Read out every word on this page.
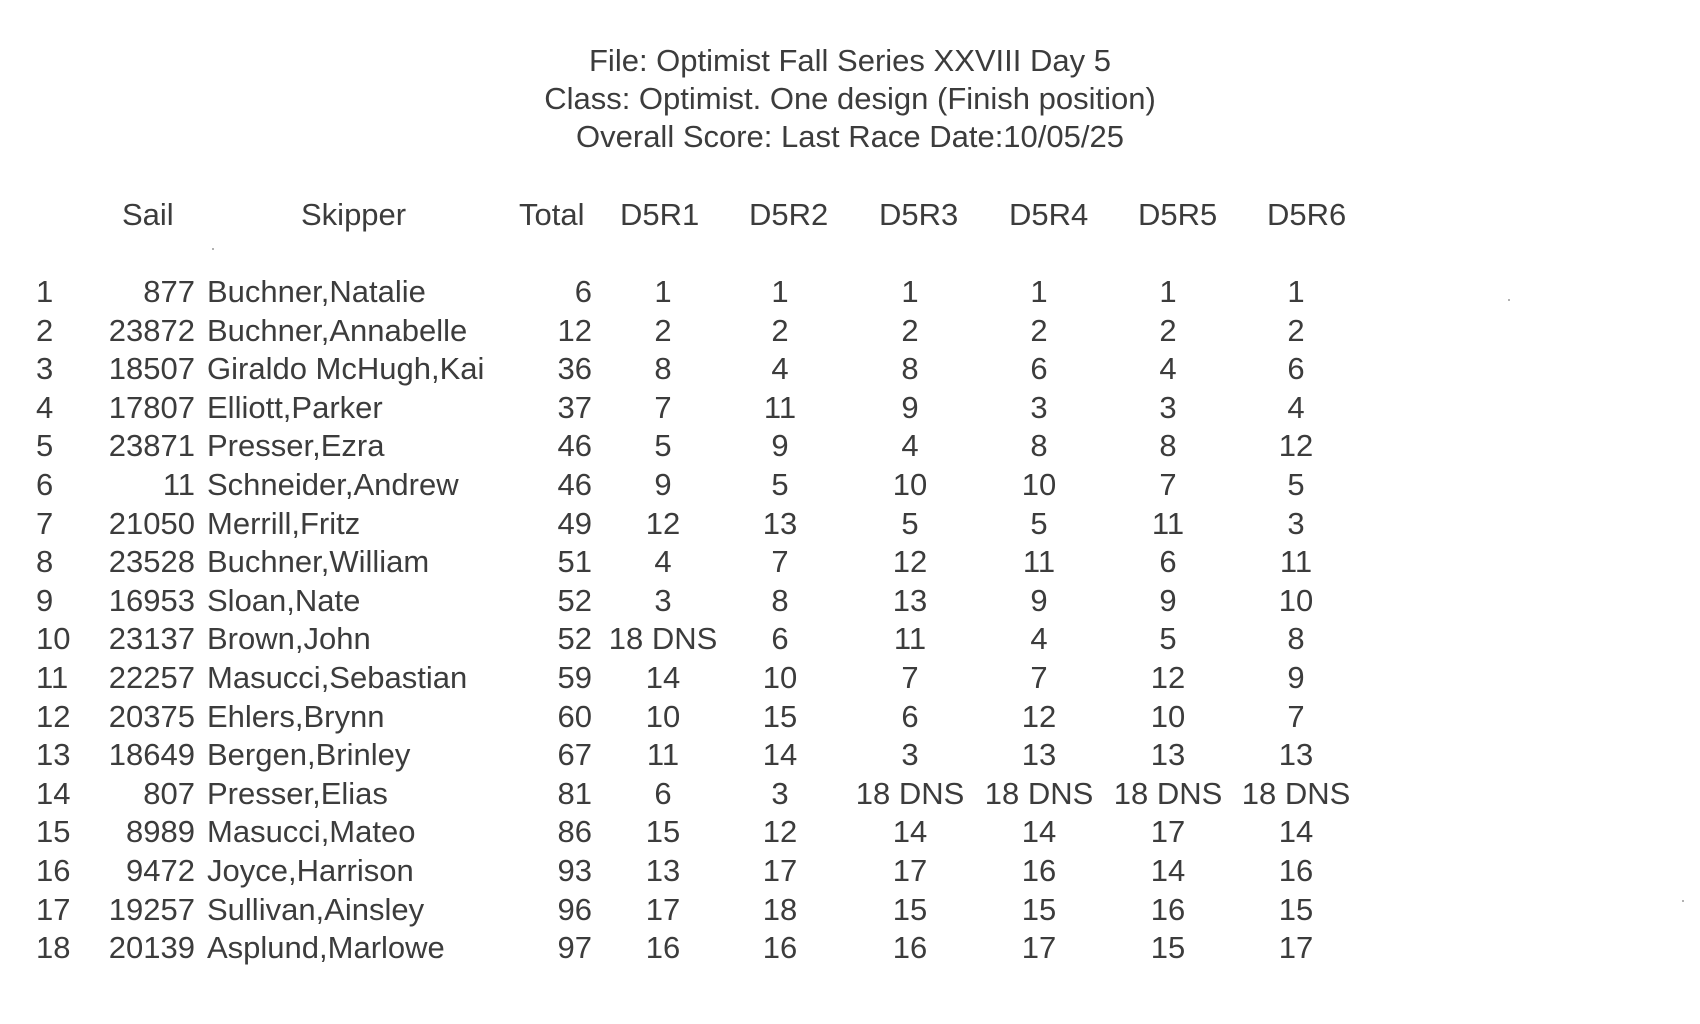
File: Optimist Fall Series XXVIII Day 5
Class: Optimist. One design (Finish position)
Overall Score: Last Race Date:10/05/25
Sail	Skipper	Total D5R1 D5R2 D5R3 D5R4 D5R5 D5R6
1	877 Buchner,Natalie	6	1	1	1	1	1	1
2 23872 Buchner,Annabelle	12	2	2	2	2	2	2
3 18507 Giraldo McHugh,Kai 36	8	4	8	6	4	6
4 17807 Elliott,Parker	37	7	11	9	3	3	4
5 23871 Presser,Ezra	46	5	9	4	8	8	12
6	11 Schneider,Andrew	46	9	5	10	10	7	5
7 21050 Merrill,Fritz	49	12	13	5	5	11	3
8 23528 Buchner,William	51	4	7	12	11	6	11
9 16953 Sloan,Nate	52	3	8	13	9	9	10
10 23137 Brown,John	52 18 DNS	6	11	4	5	8
11 22257 Masucci,Sebastian	59	14	10	7	7	12	9
12 20375 Ehlers,Brynn	60	10	15	6	12	10	7
13 18649 Bergen,Brinley	67	11	14	3	13	13	13
14 807 Presser,Elias	81	6	3	18 DNS 18 DNS 18 DNS 18 DNS
15 8989 Masucci,Mateo	86	15	12	14	14	17	14
16 9472 Joyce,Harrison	93	13	17	17	16	14	16
17 19257 Sullivan,Ainsley	96	17	18	15	15	16	15
18 20139 Asplund,Marlowe	97	16	16	16	17	15	17
